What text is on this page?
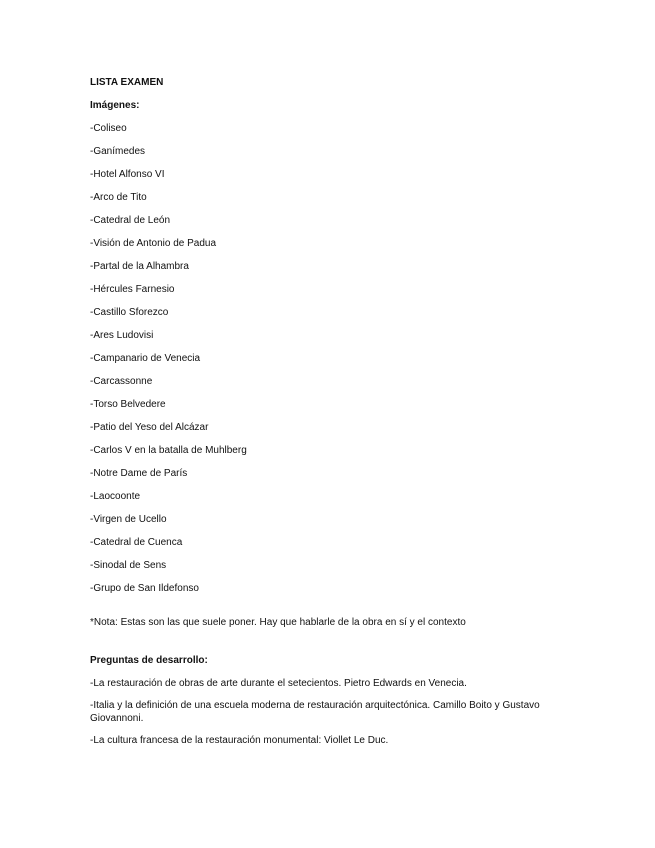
LISTA EXAMEN
Imágenes:
-Coliseo
-Ganímedes
-Hotel Alfonso VI
-Arco de Tito
-Catedral de León
-Visión de Antonio de Padua
-Partal de la Alhambra
-Hércules Farnesio
-Castillo Sforezco
-Ares Ludovisi
-Campanario de Venecia
-Carcassonne
-Torso Belvedere
-Patio del Yeso del Alcázar
-Carlos V en la batalla de Muhlberg
-Notre Dame de París
-Laocoonte
-Virgen de Ucello
-Catedral de Cuenca
-Sinodal de Sens
-Grupo de San Ildefonso
*Nota: Estas son las que suele poner. Hay que hablarle de la obra en sí y el contexto
Preguntas de desarrollo:
-La restauración de obras de arte durante el setecientos. Pietro Edwards en Venecia.
-Italia y la definición de una escuela moderna de restauración arquitectónica. Camillo Boito y Gustavo Giovannoni.
-La cultura francesa de la restauración monumental: Viollet Le Duc.
